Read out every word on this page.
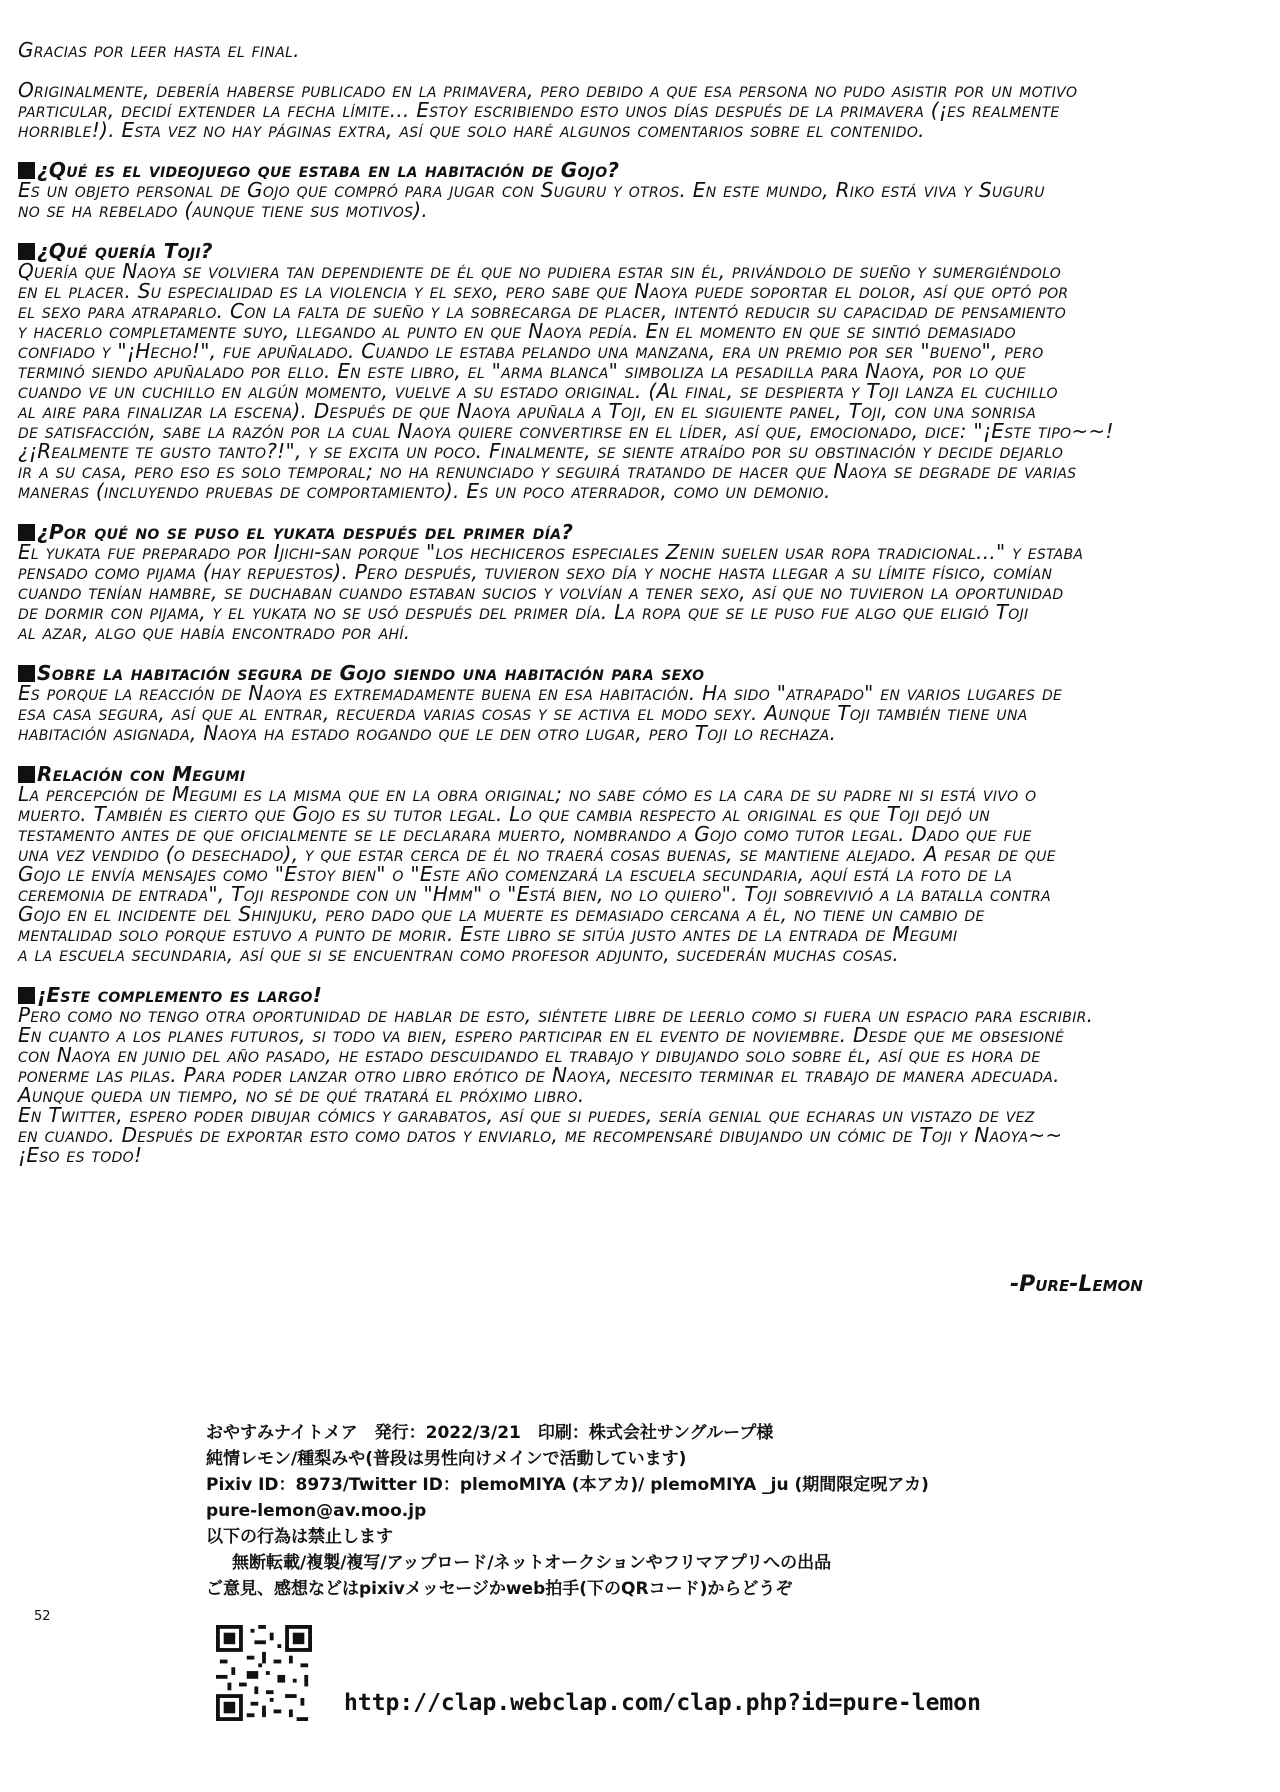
Gracias por leer hasta el final.

Originalmente, debería haberse publicado en la primavera, pero debido a que esa persona no pudo asistir por un motivo
particular, decidí extender la fecha límite... Estoy escribiendo esto unos días después de la primavera (¡es realmente
horrible!). Esta vez no hay páginas extra, así que solo haré algunos comentarios sobre el contenido.

¿Qué es el videojuego que estaba en la habitación de Gojo?

Es un objeto personal de Gojo que compró para jugar con Suguru y otros. En este mundo, Riko está viva y Suguru
no se ha rebelado (aunque tiene sus motivos).

¿Qué quería Toji?

Quería que Naoya se volviera tan dependiente de él que no pudiera estar sin él, privándolo de sueño y sumergiéndolo
en el placer. Su especialidad es la violencia y el sexo, pero sabe que Naoya puede soportar el dolor, así que optó por
el sexo para atraparlo. Con la falta de sueño y la sobrecarga de placer, intentó reducir su capacidad de pensamiento
y hacerlo completamente suyo, llegando al punto en que Naoya pedía. En el momento en que se sintió demasiado
confiado y "¡Hecho!", fue apuñalado. Cuando le estaba pelando una manzana, era un premio por ser "bueno", pero
terminó siendo apuñalado por ello. En este libro, el "arma blanca" simboliza la pesadilla para Naoya, por lo que
cuando ve un cuchillo en algún momento, vuelve a su estado original. (Al final, se despierta y Toji lanza el cuchillo
al aire para finalizar la escena). Después de que Naoya apuñala a Toji, en el siguiente panel, Toji, con una sonrisa
de satisfacción, sabe la razón por la cual Naoya quiere convertirse en el líder, así que, emocionado, dice: "¡Este tipo~~!
¿¡Realmente te gusto tanto?!", y se excita un poco. Finalmente, se siente atraído por su obstinación y decide dejarlo
ir a su casa, pero eso es solo temporal; no ha renunciado y seguirá tratando de hacer que Naoya se degrade de varias
maneras (incluyendo pruebas de comportamiento). Es un poco aterrador, como un demonio.

¿Por qué no se puso el yukata después del primer día?

El yukata fue preparado por Ijichi-san porque "los hechiceros especiales Zenin suelen usar ropa tradicional..." y estaba
pensado como pijama (hay repuestos). Pero después, tuvieron sexo día y noche hasta llegar a su límite físico, comían
cuando tenían hambre, se duchaban cuando estaban sucios y volvían a tener sexo, así que no tuvieron la oportunidad
de dormir con pijama, y el yukata no se usó después del primer día. La ropa que se le puso fue algo que eligió Toji
al azar, algo que había encontrado por ahí.

Sobre la habitación segura de Gojo siendo una habitación para sexo

Es porque la reacción de Naoya es extremadamente buena en esa habitación. Ha sido "atrapado" en varios lugares de
esa casa segura, así que al entrar, recuerda varias cosas y se activa el modo sexy. Aunque Toji también tiene una
habitación asignada, Naoya ha estado rogando que le den otro lugar, pero Toji lo rechaza.

Relación con Megumi

La percepción de Megumi es la misma que en la obra original; no sabe cómo es la cara de su padre ni si está vivo o
muerto. También es cierto que Gojo es su tutor legal. Lo que cambia respecto al original es que Toji dejó un
testamento antes de que oficialmente se le declarara muerto, nombrando a Gojo como tutor legal. Dado que fue
una vez vendido (o desechado), y que estar cerca de él no traerá cosas buenas, se mantiene alejado. A pesar de que
Gojo le envía mensajes como "Estoy bien" o "Este año comenzará la escuela secundaria, aquí está la foto de la
ceremonia de entrada", Toji responde con un "Hmm" o "Está bien, no lo quiero". Toji sobrevivió a la batalla contra
Gojo en el incidente del Shinjuku, pero dado que la muerte es demasiado cercana a él, no tiene un cambio de
mentalidad solo porque estuvo a punto de morir. Este libro se sitúa justo antes de la entrada de Megumi
a la escuela secundaria, así que si se encuentran como profesor adjunto, sucederán muchas cosas.

¡Este complemento es largo!

Pero como no tengo otra oportunidad de hablar de esto, siéntete libre de leerlo como si fuera un espacio para escribir.
En cuanto a los planes futuros, si todo va bien, espero participar en el evento de noviembre. Desde que me obsesioné
con Naoya en junio del año pasado, he estado descuidando el trabajo y dibujando solo sobre él, así que es hora de
ponerme las pilas. Para poder lanzar otro libro erótico de Naoya, necesito terminar el trabajo de manera adecuada.
Aunque queda un tiempo, no sé de qué tratará el próximo libro.
En Twitter, espero poder dibujar cómics y garabatos, así que si puedes, sería genial que echaras un vistazo de vez
en cuando. Después de exportar esto como datos y enviarlo, me recompensaré dibujando un cómic de Toji y Naoya~~
¡Eso es todo!

-Pure-Lemon
おやすみナイトメア　発行：2022/3/21　印刷：株式会社サングループ様
純情レモン/種梨みや(普段は男性向けメインで活動しています)
Pixiv ID：8973/Twitter ID：plemoMIYA (本アカ)/ plemoMIYA _ju (期間限定呪アカ)
pure-lemon@av.moo.jp
以下の行為は禁止します
無断転載/複製/複写/アップロード/ネットオークションやフリマアプリへの出品
ご意見、感想などはpixivメッセージかweb拍手(下のQRコード)からどうぞ
52
http://clap.webclap.com/clap.php?id=pure-lemon
